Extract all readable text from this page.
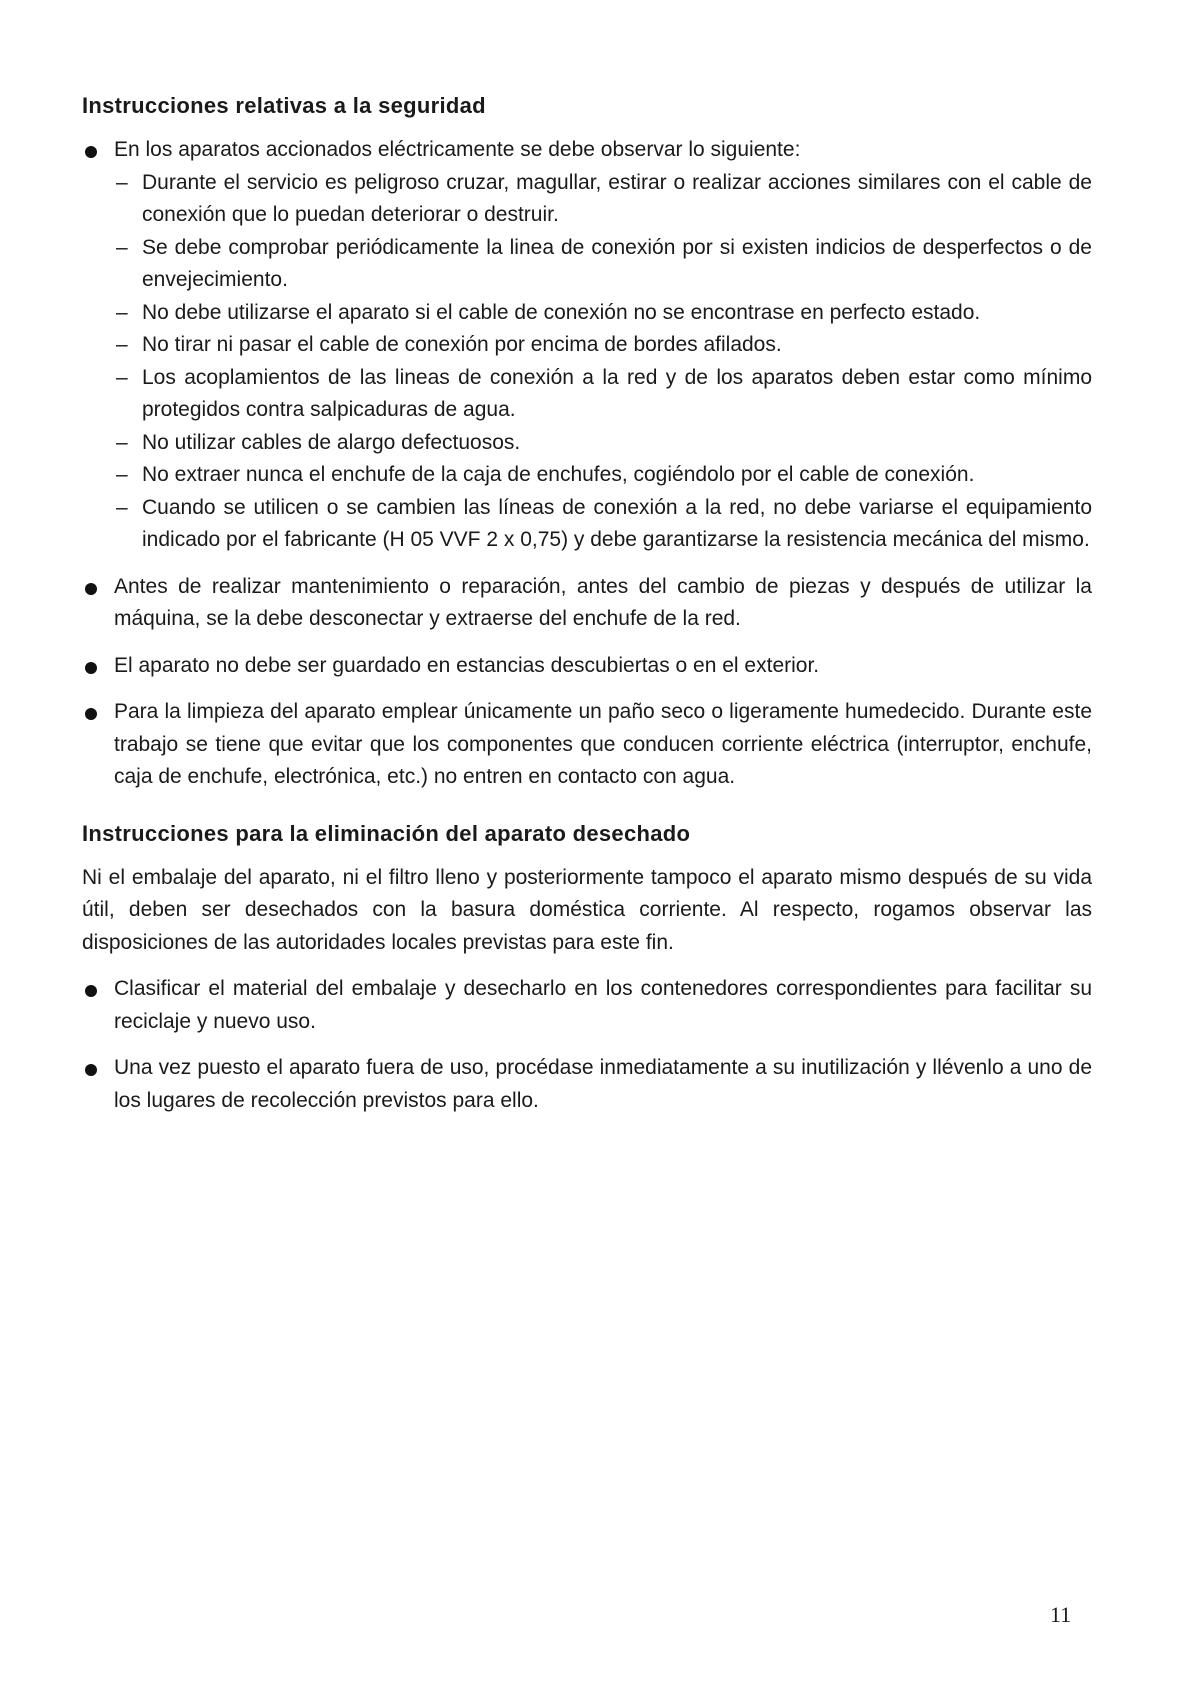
Instrucciones relativas a la seguridad
En los aparatos accionados eléctricamente se debe observar lo siguiente:
– Durante el servicio es peligroso cruzar, magullar, estirar o realizar acciones similares con el cable de conexión que lo puedan deteriorar o destruir.
– Se debe comprobar periódicamente la linea de conexión por si existen indicios de desperfectos o de envejecimiento.
– No debe utilizarse el aparato si el cable de conexión no se encontrase en perfecto estado.
– No tirar ni pasar el cable de conexión por encima de bordes afilados.
– Los acoplamientos de las lineas de conexión a la red y de los aparatos deben estar como mínimo protegidos contra salpicaduras de agua.
– No utilizar cables de alargo defectuosos.
– No extraer nunca el enchufe de la caja de enchufes, cogiéndolo por el cable de conexión.
– Cuando se utilicen o se cambien las líneas de conexión a la red, no debe variarse el equipamiento indicado por el fabricante (H 05 VVF 2 x 0,75) y debe garantizarse la resistencia mecánica del mismo.
Antes de realizar mantenimiento o reparación, antes del cambio de piezas y después de utilizar la máquina, se la debe desconectar y extraerse del enchufe de la red.
El aparato no debe ser guardado en estancias descubiertas o en el exterior.
Para la limpieza del aparato emplear únicamente un paño seco o ligeramente humedecido. Durante este trabajo se tiene que evitar que los componentes que conducen corriente eléctrica (interruptor, enchufe, caja de enchufe, electrónica, etc.) no entren en contacto con agua.
Instrucciones para la eliminación del aparato desechado

Ni el embalaje del aparato, ni el filtro lleno y posteriormente tampoco el aparato mismo después de su vida útil, deben ser desechados con la basura doméstica corriente. Al respecto, rogamos observar las disposiciones de las autoridades locales previstas para este fin.

Clasificar el material del embalaje y desecharlo en los contenedores correspondientes para facilitar su reciclaje y nuevo uso.
Una vez puesto el aparato fuera de uso, procédase inmediatamente a su inutilización y llévenlo a uno de los lugares de recolección previstos para ello.
11
